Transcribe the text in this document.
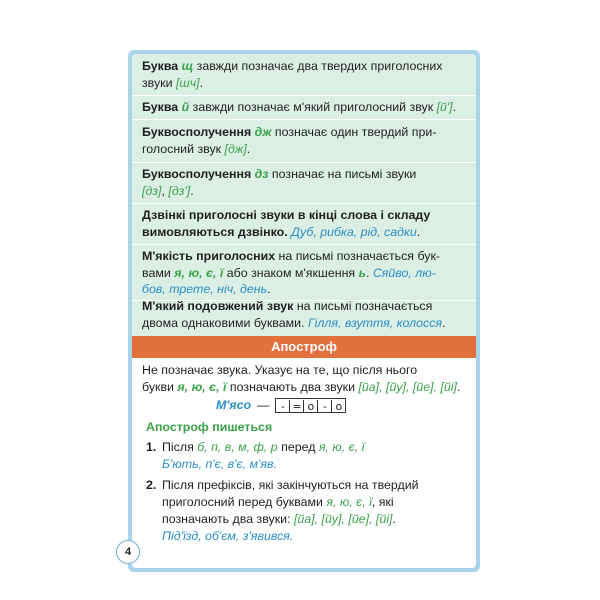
Буква щ завжди позначає два твердих приголосних
звуки [шч].
Буква й завжди позначає м'який приголосний звук [й'].
Буквосполучення дж позначає один твердий при-
голосний звук [дж].
Буквосполучення дз позначає на письмі звуки
[дз], [дз'].
Дзвінкі приголосні звуки в кінці слова і складу
вимовляються дзвінко. Дуб, рибка, рід, садки.
М'якість приголосних на письмі позначається бук-
вами я, ю, є, ї або знаком м'якшення ь. Сяйво, лю-
бов, трете, ніч, день.
М'який подовжений звук на письмі позначається
двома однаковими буквами. Гілля, взуття, колосся.
Апостроф
Не позначає звука. Указує на те, що після нього
букви я, ю, є, ї позначають два звуки [йа], [йу], [йе], [йі].
М'ясо — - = о - о
Апостроф пишеться
1. Після б, п, в, м, ф, р перед я, ю, є, ї
Б'ють, п'є, в'є, м'яв.
2. Після префіксів, які закінчуються на твердий
приголосний перед буквами я, ю, є, ї, які
позначають два звуки: [йа], [йу], [йе], [йі].
Під'їзд, об'єм, з'явився.
4
